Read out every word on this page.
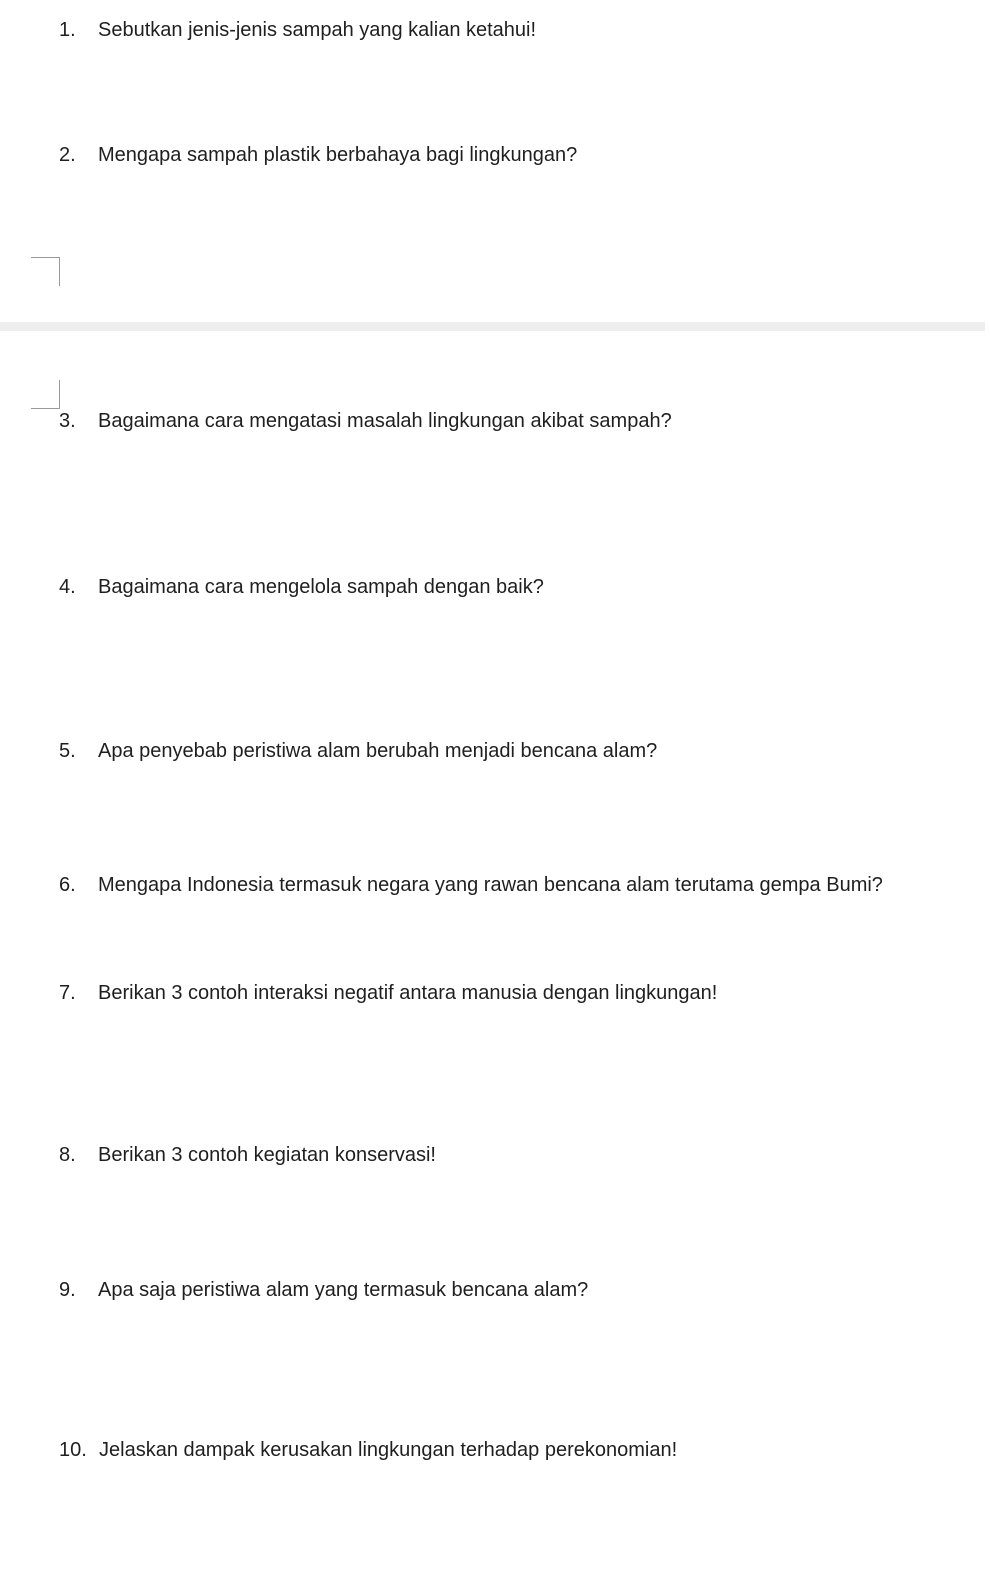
1. Sebutkan jenis-jenis sampah yang kalian ketahui!
2. Mengapa sampah plastik berbahaya bagi lingkungan?
3. Bagaimana cara mengatasi masalah lingkungan akibat sampah?
4. Bagaimana cara mengelola sampah dengan baik?
5. Apa penyebab peristiwa alam berubah menjadi bencana alam?
6. Mengapa Indonesia termasuk negara yang rawan bencana alam terutama gempa Bumi?
7. Berikan 3 contoh interaksi negatif antara manusia dengan lingkungan!
8. Berikan 3 contoh kegiatan konservasi!
9. Apa saja peristiwa alam yang termasuk bencana alam?
10. Jelaskan dampak kerusakan lingkungan terhadap perekonomian!
